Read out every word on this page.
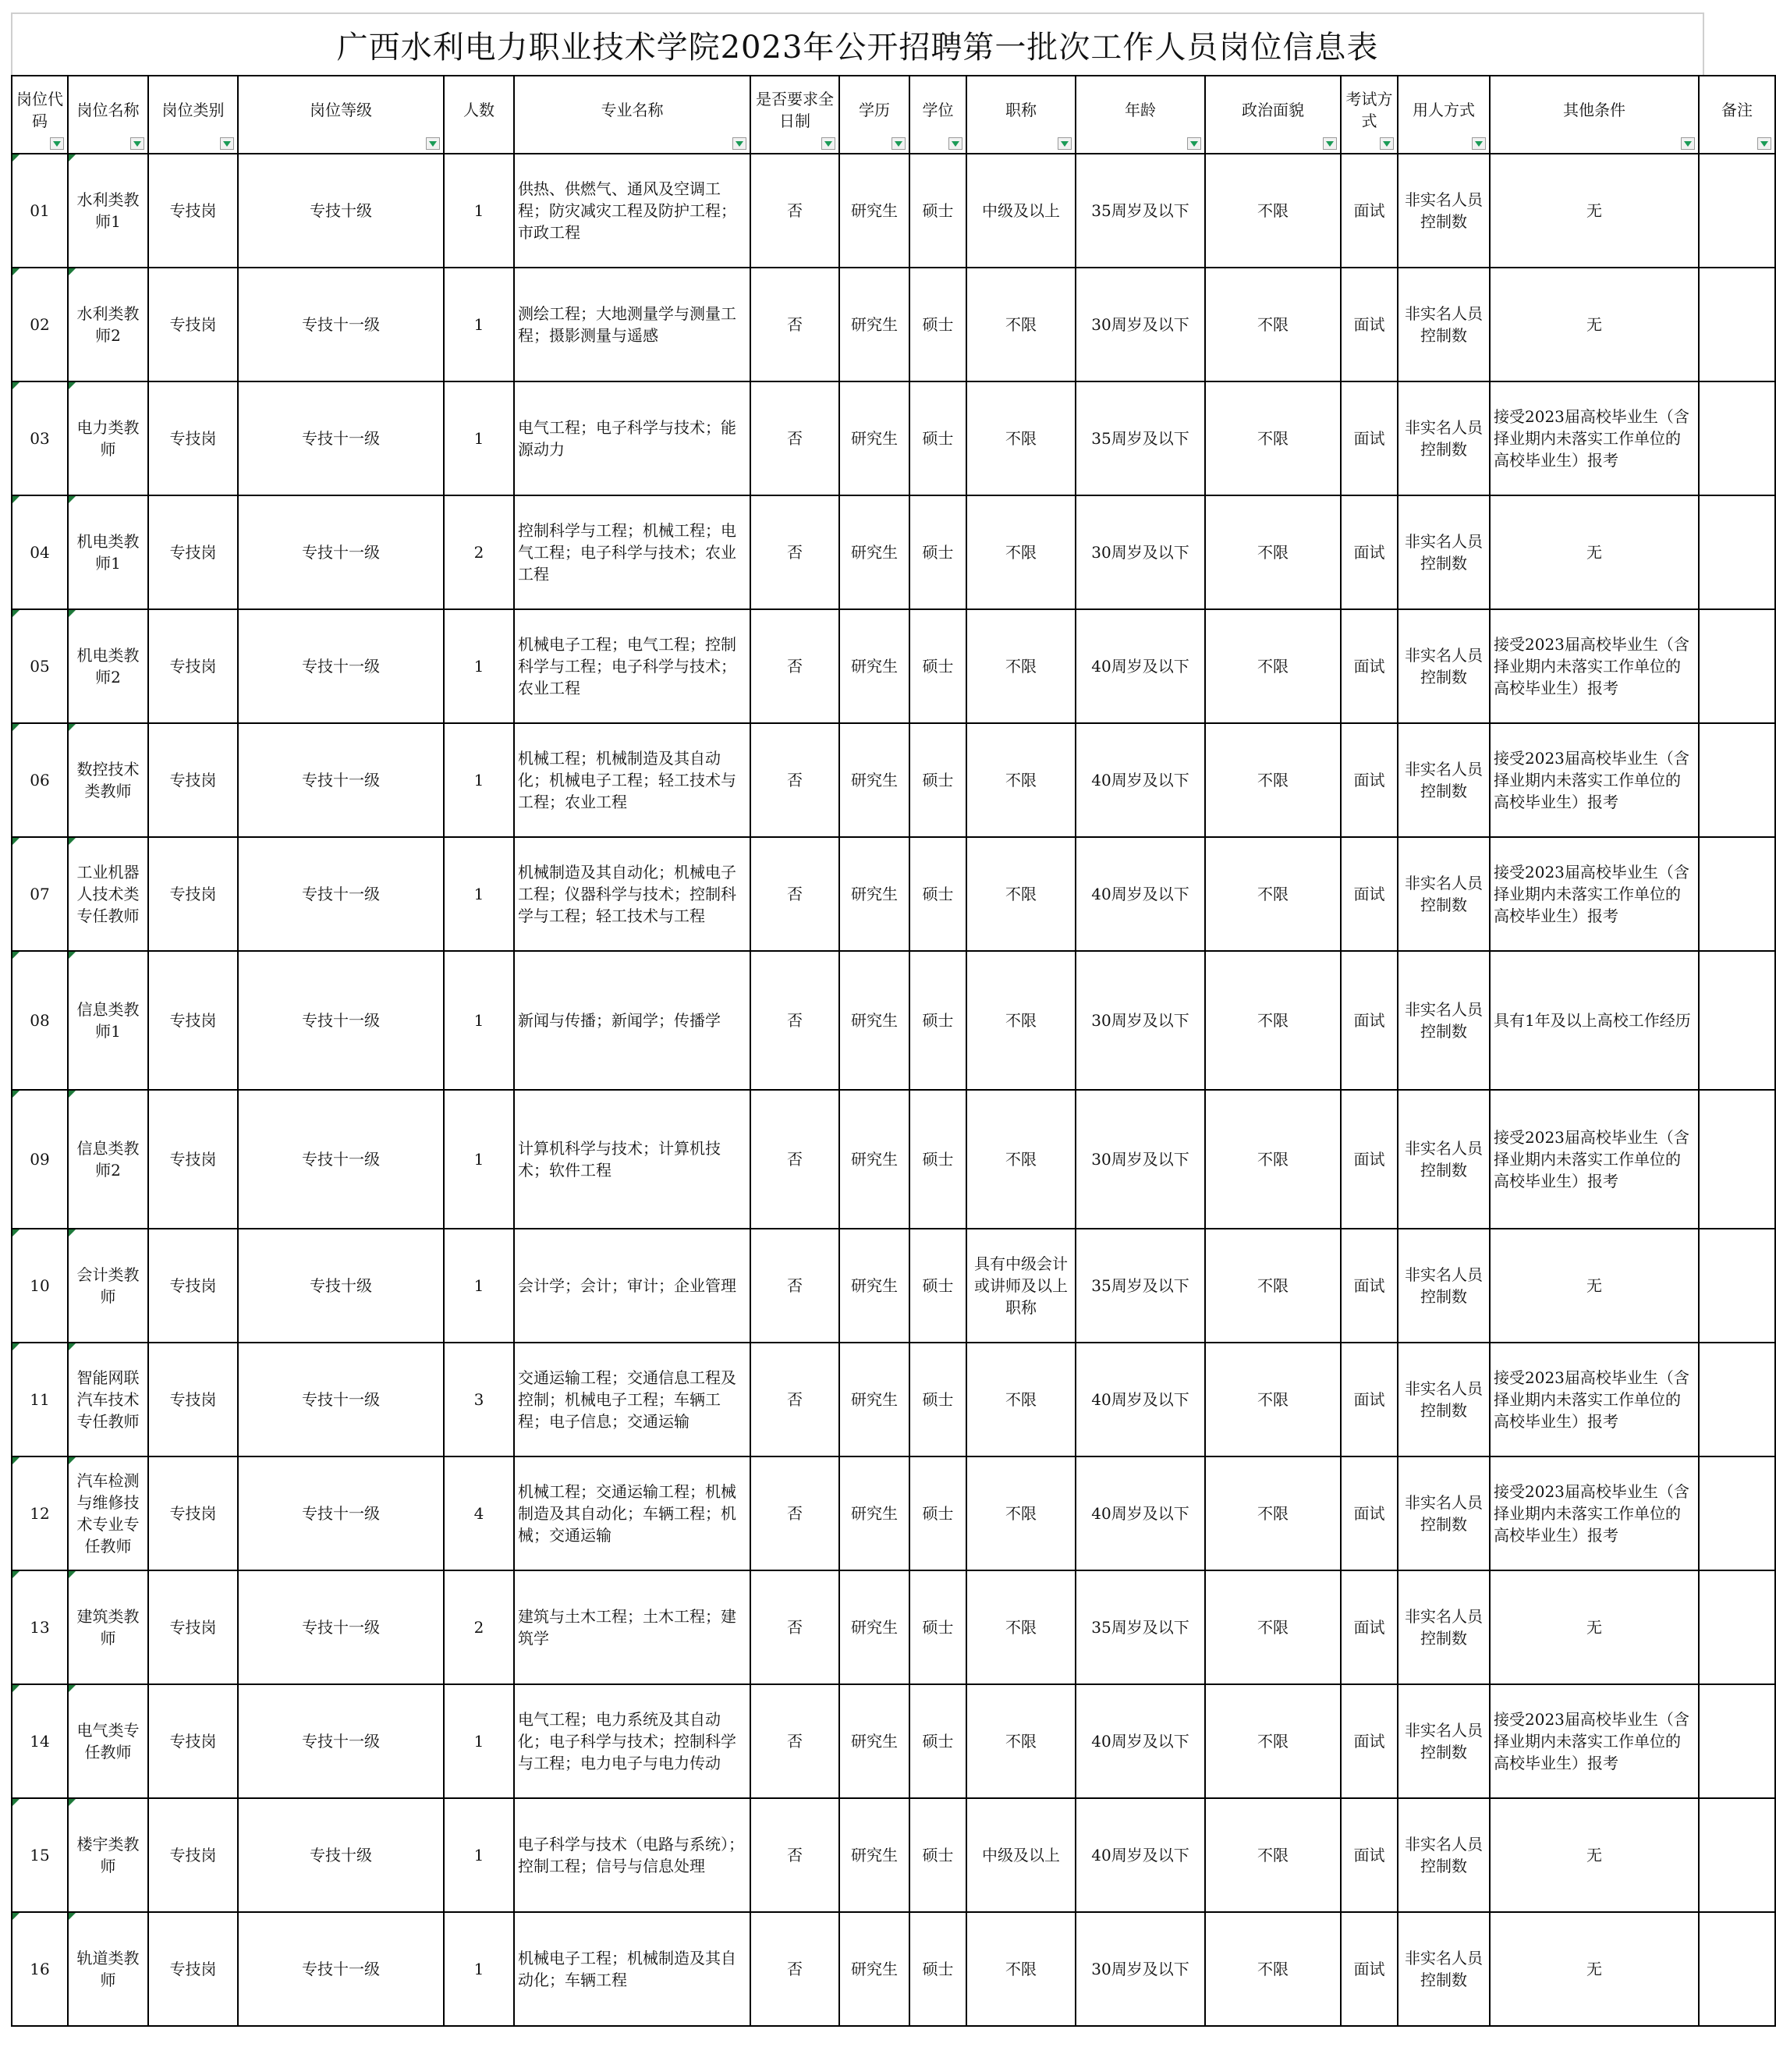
广西水利电力职业技术学院2023年公开招聘第一批次工作人员岗位信息表
岗位代码	岗位名称	岗位类别	岗位等级	人数	专业名称	是否要求全日制	学历	学位	职称	年龄	政治面貌	考试方式	用人方式	其他条件	备注

01	水利类教师1	专技岗	专技十级	1	供热、供燃气、通风及空调工程；防灾减灾工程及防护工程；市政工程	否	研究生	硕士	中级及以上	35周岁及以下	不限	面试	非实名人员控制数	无	
02	水利类教师2	专技岗	专技十一级	1	测绘工程；大地测量学与测量工程；摄影测量与遥感	否	研究生	硕士	不限	30周岁及以下	不限	面试	非实名人员控制数	无	
03	电力类教师	专技岗	专技十一级	1	电气工程；电子科学与技术；能源动力	否	研究生	硕士	不限	35周岁及以下	不限	面试	非实名人员控制数	接受2023届高校毕业生（含择业期内未落实工作单位的高校毕业生）报考	
04	机电类教师1	专技岗	专技十一级	2	控制科学与工程；机械工程；电气工程；电子科学与技术；农业工程	否	研究生	硕士	不限	30周岁及以下	不限	面试	非实名人员控制数	无	
05	机电类教师2	专技岗	专技十一级	1	机械电子工程；电气工程；控制科学与工程；电子科学与技术；农业工程	否	研究生	硕士	不限	40周岁及以下	不限	面试	非实名人员控制数	接受2023届高校毕业生（含择业期内未落实工作单位的高校毕业生）报考	
06	数控技术类教师	专技岗	专技十一级	1	机械工程；机械制造及其自动化；机械电子工程；轻工技术与工程；农业工程	否	研究生	硕士	不限	40周岁及以下	不限	面试	非实名人员控制数	接受2023届高校毕业生（含择业期内未落实工作单位的高校毕业生）报考	
07	工业机器人技术类专任教师	专技岗	专技十一级	1	机械制造及其自动化；机械电子工程；仪器科学与技术；控制科学与工程；轻工技术与工程	否	研究生	硕士	不限	40周岁及以下	不限	面试	非实名人员控制数	接受2023届高校毕业生（含择业期内未落实工作单位的高校毕业生）报考	
08	信息类教师1	专技岗	专技十一级	1	新闻与传播；新闻学；传播学	否	研究生	硕士	不限	30周岁及以下	不限	面试	非实名人员控制数	具有1年及以上高校工作经历	
09	信息类教师2	专技岗	专技十一级	1	计算机科学与技术；计算机技术；软件工程	否	研究生	硕士	不限	30周岁及以下	不限	面试	非实名人员控制数	接受2023届高校毕业生（含择业期内未落实工作单位的高校毕业生）报考	
10	会计类教师	专技岗	专技十级	1	会计学；会计；审计；企业管理	否	研究生	硕士	具有中级会计或讲师及以上职称	35周岁及以下	不限	面试	非实名人员控制数	无	
11	智能网联汽车技术专任教师	专技岗	专技十一级	3	交通运输工程；交通信息工程及控制；机械电子工程；车辆工程；电子信息；交通运输	否	研究生	硕士	不限	40周岁及以下	不限	面试	非实名人员控制数	接受2023届高校毕业生（含择业期内未落实工作单位的高校毕业生）报考	
12	汽车检测与维修技术专业专任教师	专技岗	专技十一级	4	机械工程；交通运输工程；机械制造及其自动化；车辆工程；机械；交通运输	否	研究生	硕士	不限	40周岁及以下	不限	面试	非实名人员控制数	接受2023届高校毕业生（含择业期内未落实工作单位的高校毕业生）报考	
13	建筑类教师	专技岗	专技十一级	2	建筑与土木工程；土木工程；建筑学	否	研究生	硕士	不限	35周岁及以下	不限	面试	非实名人员控制数	无	
14	电气类专任教师	专技岗	专技十一级	1	电气工程；电力系统及其自动化；电子科学与技术；控制科学与工程；电力电子与电力传动	否	研究生	硕士	不限	40周岁及以下	不限	面试	非实名人员控制数	接受2023届高校毕业生（含择业期内未落实工作单位的高校毕业生）报考	
15	楼宇类教师	专技岗	专技十级	1	电子科学与技术（电路与系统）；控制工程；信号与信息处理	否	研究生	硕士	中级及以上	40周岁及以下	不限	面试	非实名人员控制数	无	
16	轨道类教师	专技岗	专技十一级	1	机械电子工程；机械制造及其自动化；车辆工程	否	研究生	硕士	不限	30周岁及以下	不限	面试	非实名人员控制数	无	
